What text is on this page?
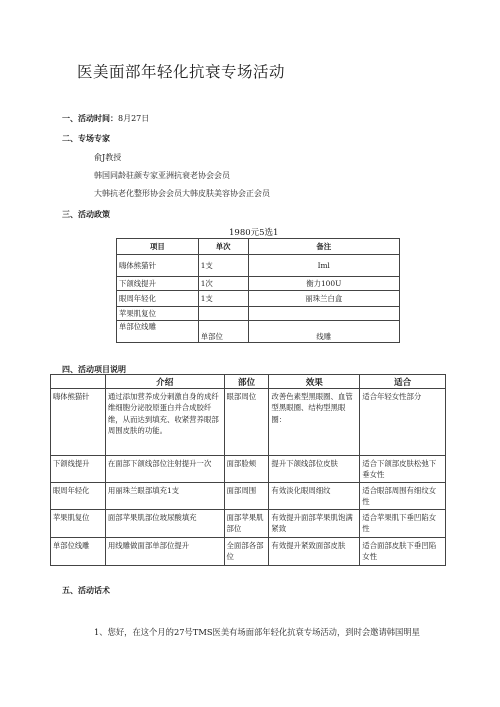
医美面部年轻化抗衰专场活动
一、活动时间：8月27日
二、专场专家
俞J教授
韩国同龄驻颜专家亚洲抗衰老协会会员
大韩抗老化整形协会会员大韩皮肤美容协会正会员
三、活动政策
1980元5选1
项目	单次	备注
嗨体熊猫针	1支	Iml
下颌线提升	1次	衡力100U
眼周年轻化	1支	丽珠兰白盒
苹果肌复位		
单部位线雕	单部位	线雕
四、活动项目说明
	介绍	部位	效果	适合
嗨体熊猫针	通过添加营养成分刺激自身的成纤维细胞分泌胶原蛋白并合成胶纤维，从而达到填充、收紧营养眼部周围皮肤的功能。	眼部周位	改善色素型黑眼圈、血管型黑眼圈、结构型黑眼圈：	适合年轻女性部分
下颌线提升	在面部下颌线部位注射提升一次	面部脸颊	提升下颌线部位皮肤	适合下颌部皮肤松弛下垂女性
眼周年轻化	用丽珠兰眼部填充1支	面部周围	有效淡化眼周细纹	适合眼部周围有细纹女性
苹果肌复位	面部苹果肌部位玻尿酸填充	面部苹果肌部位	有效提升面部苹果肌饱满紧致	适合苹果肌下垂凹陷女性
单部位线雕	用线雕做面部单部位提升	全面部各部位	有效提升紧致面部皮肤	适合面部皮肤下垂凹陷女性
五、活动话术
1、您好，在这个月的27号TMS医美有场面部年轻化抗衰专场活动，到时会邀请韩国明星
